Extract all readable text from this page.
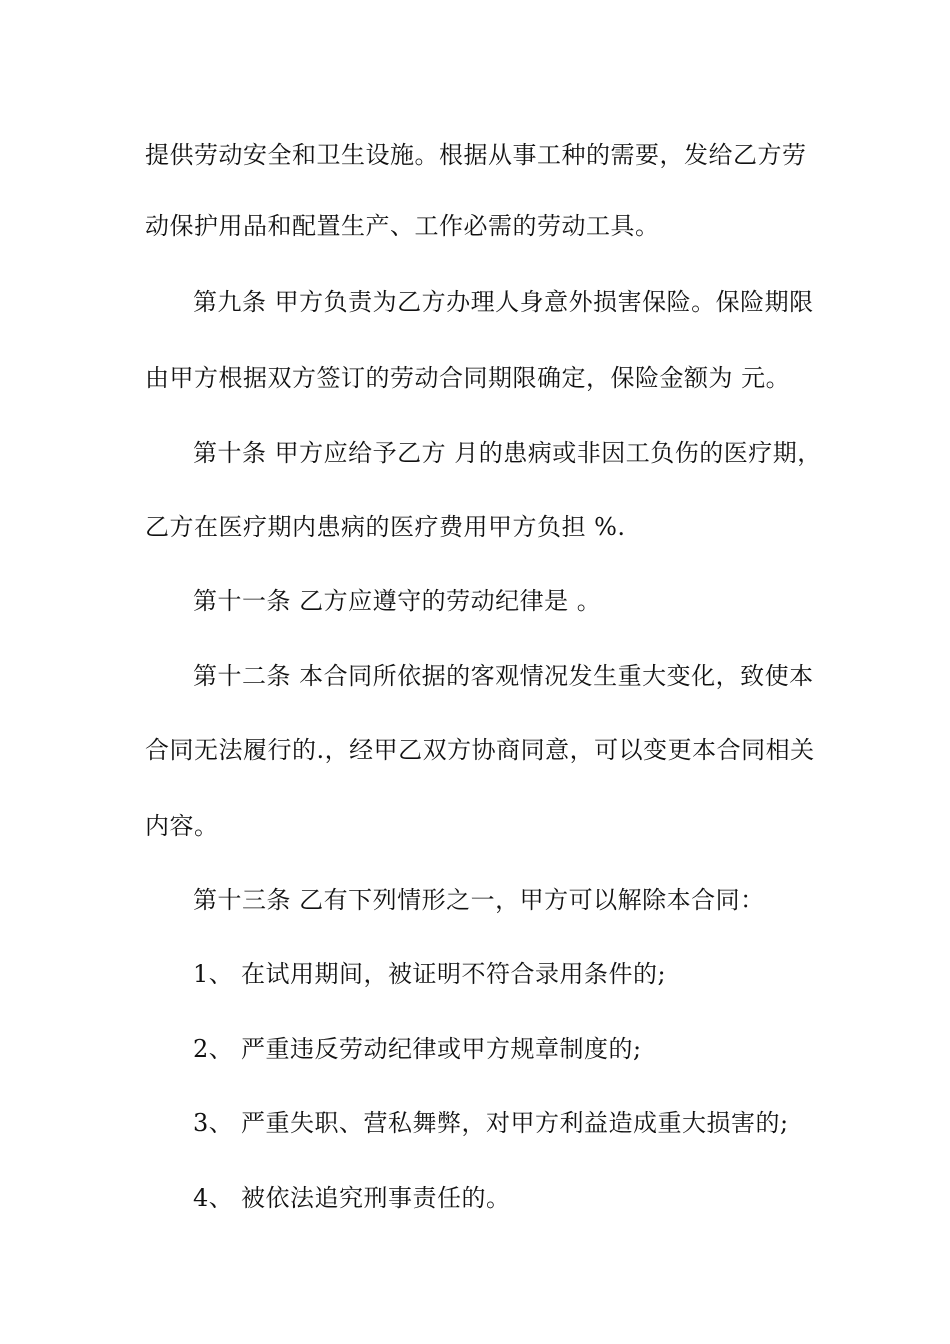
提供劳动安全和卫生设施。根据从事工种的需要，发给乙方劳
动保护用品和配置生产、工作必需的劳动工具。
第九条 甲方负责为乙方办理人身意外损害保险。保险期限
由甲方根据双方签订的劳动合同期限确定，保险金额为 元。
第十条 甲方应给予乙方 月的患病或非因工负伤的医疗期，
乙方在医疗期内患病的医疗费用甲方负担 %.
第十一条 乙方应遵守的劳动纪律是 。
第十二条 本合同所依据的客观情况发生重大变化，致使本
合同无法履行的.，经甲乙双方协商同意，可以变更本合同相关
内容。
第十三条 乙有下列情形之一，甲方可以解除本合同：
1、 在试用期间，被证明不符合录用条件的;
2、 严重违反劳动纪律或甲方规章制度的;
3、 严重失职、营私舞弊，对甲方利益造成重大损害的;
4、 被依法追究刑事责任的。
